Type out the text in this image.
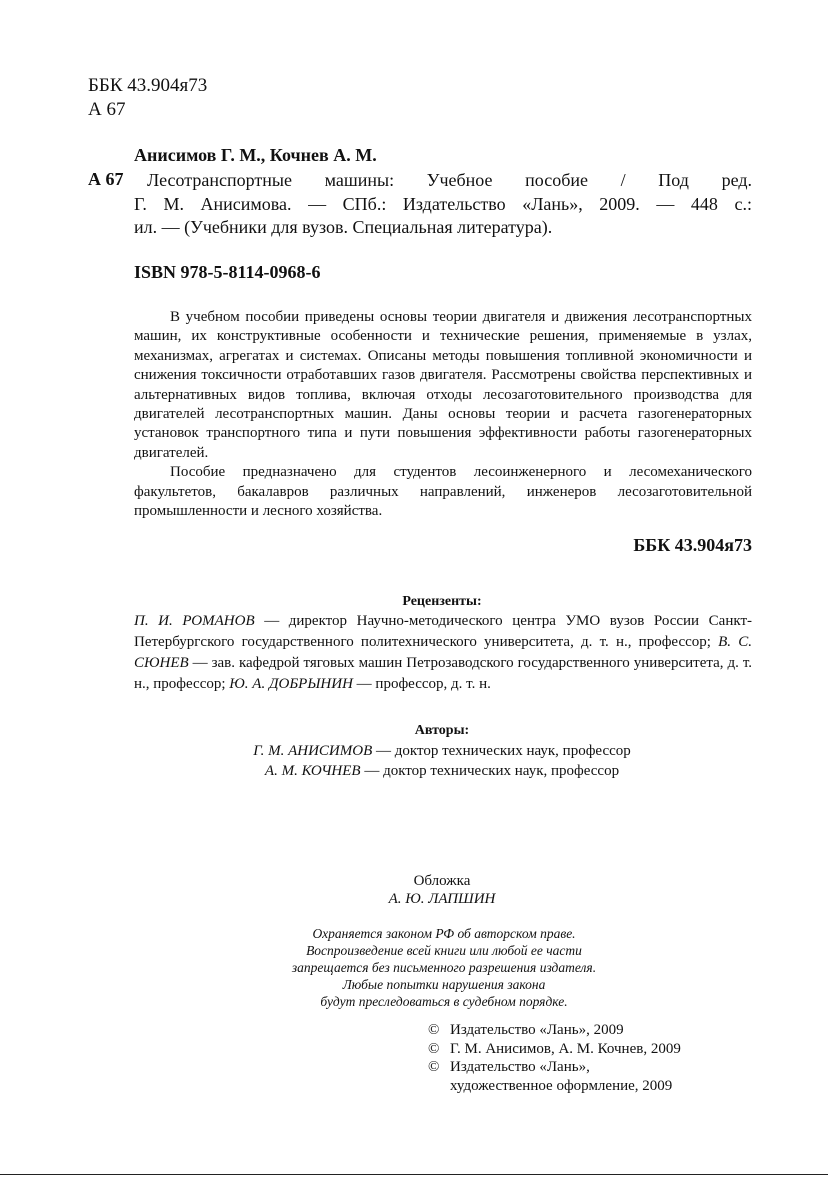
ББК 43.904я73
А 67
Анисимов Г. М., Кочнев А. М.
А 67	Лесотранспортные машины: Учебное пособие / Под ред.
Г. М. Анисимова. — СПб.: Издательство «Лань», 2009. — 448 с.:
ил. — (Учебники для вузов. Специальная литература).
ISBN 978-5-8114-0968-6

В учебном пособии приведены основы теории двигателя и движения лесотранспортных машин, их конструктивные особенности и технические решения, применяемые в узлах, механизмах, агрегатах и системах. Описаны методы повышения топливной экономичности и снижения токсичности отработавших газов двигателя. Рассмотрены свойства перспективных и альтернативных видов топлива, включая отходы лесозаготовительного производства для двигателей лесотранспортных машин. Даны основы теории и расчета газогенераторных установок транспортного типа и пути повышения эффективности работы газогенераторных двигателей.

Пособие предназначено для студентов лесоинженерного и лесомеханического факультетов, бакалавров различных направлений, инженеров лесозаготовительной промышленности и лесного хозяйства.

ББК 43.904я73
Рецензенты:
П. И. РОМАНОВ — директор Научно-методического центра УМО вузов России Санкт-Петербургского государственного политехнического университета, д. т. н., профессор; В. С. СЮНЕВ — зав. кафедрой тяговых машин Петрозаводского государственного университета, д. т. н., профессор; Ю. А. ДОБРЫНИН — профессор, д. т. н.
Авторы:
Г. М. АНИСИМОВ — доктор технических наук, профессор
А. М. КОЧНЕВ — доктор технических наук, профессор
Обложка
А. Ю. ЛАПШИН
Охраняется законом РФ об авторском праве.
Воспроизведение всей книги или любой ее части
запрещается без письменного разрешения издателя.
Любые попытки нарушения закона
будут преследоваться в судебном порядке.
© Издательство «Лань», 2009
© Г. М. Анисимов, А. М. Кочнев, 2009
© Издательство «Лань»,
художественное оформление, 2009
